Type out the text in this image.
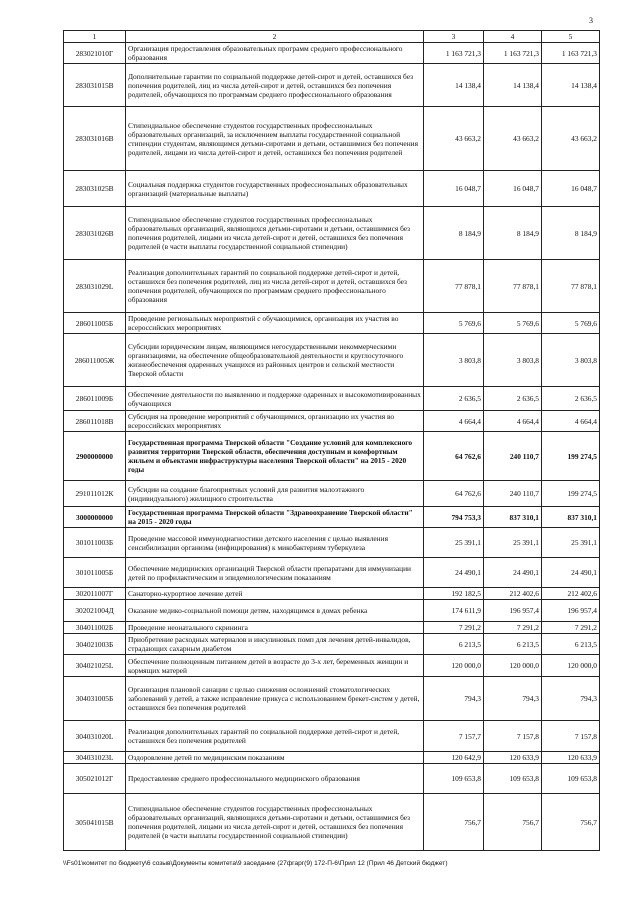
3
1	2	3	4	5
283021010Г	Организация предоставления образовательных программ среднего профессионального образования	1 163 721,3	1 163 721,3	1 163 721,3
283031015В	Дополнительные гарантии по социальной поддержке детей-сирот и детей, оставшихся без попечения родителей, лиц из числа детей-сирот и детей, оставшихся без попечения родителей, обучающихся по программам среднего профессионального образования	14 138,4	14 138,4	14 138,4
283031016В	Стипендиальное обеспечение студентов государственных профессиональных образовательных организаций, за исключением выплаты государственной социальной стипендии студентам, являющимся детьми-сиротами и детьми, оставшимися без попечения родителей, лицами из числа детей-сирот и детей, оставшихся без попечения родителей	43 663,2	43 663,2	43 663,2
283031025В	Социальная поддержка студентов государственных профессиональных образовательных организаций (материальные выплаты)	16 048,7	16 048,7	16 048,7
283031026В	Стипендиальное обеспечение студентов государственных профессиональных образовательных организаций, являющихся детьми-сиротами и детьми, оставшимися без попечения родителей, лицами из числа детей-сирот и детей, оставшихся без попечения родителей (в части выплаты государственной социальной стипендии)	8 184,9	8 184,9	8 184,9
283031029L	Реализация дополнительных гарантий по социальной поддержке детей-сирот и детей, оставшихся без попечения родителей, лиц из числа детей-сирот и детей, оставшихся без попечения родителей, обучающихся по программам среднего профессионального образования	77 878,1	77 878,1	77 878,1
286011005Б	Проведение региональных мероприятий с обучающимися, организация их участия во всероссийских мероприятиях	5 769,6	5 769,6	5 769,6
286011005Ж	Субсидии юридическим лицам, являющимся негосударственными некоммерческими организациями, на обеспечение общеобразовательной деятельности и круглосуточного жизнеобеспечения одаренных учащихся из районных центров и сельской местности Тверской области	3 803,8	3 803,8	3 803,8
286011009Б	Обеспечение деятельности по выявлению и поддержке одаренных и высокомотивированных обучающихся	2 636,5	2 636,5	2 636,5
286011018В	Субсидия на проведение мероприятий с обучающимися, организацию их участия во всероссийских мероприятиях	4 664,4	4 664,4	4 664,4
2900000000	Государственная программа Тверской области "Создание условий для комплексного развития территории Тверской области, обеспечения доступным и комфортным жильем и объектами инфраструктуры населения Тверской области" на 2015 - 2020 годы	64 762,6	240 110,7	199 274,5
291011012К	Субсидии на создание благоприятных условий для развития малоэтажного (индивидуального) жилищного строительства	64 762,6	240 110,7	199 274,5
3000000000	Государственная программа Тверской области "Здравоохранение Тверской области" на 2015 - 2020 годы	794 753,3	837 310,1	837 310,1
301011003Б	Проведение массовой иммунодиагностики детского населения с целью выявления сенсибилизации организма (инфицирования) к микобактериям туберкулеза	25 391,1	25 391,1	25 391,1
301011005Б	Обеспечение медицинских организаций Тверской области препаратами для иммунизации детей по профилактическим и эпидемиологическим показаниям	24 490,1	24 490,1	24 490,1
302011007Г	Санаторно-курортное лечение детей	192 182,5	212 402,6	212 402,6
302021004Д	Оказание медико-социальной помощи детям, находящимся в домах ребенка	174 611,9	196 957,4	196 957,4
304011002Б	Проведение неонатального скрининга	7 291,2	7 291,2	7 291,2
304021003Б	Приобретение расходных материалов и инсулиновых помп для лечения детей-инвалидов, страдающих сахарным диабетом	6 213,5	6 213,5	6 213,5
304021025L	Обеспечение полноценным питанием детей в возрасте до 3-х лет, беременных женщин и кормящих матерей	120 000,0	120 000,0	120 000,0
304031005Б	Организация плановой санации с целью снижения осложнений стоматологических заболеваний у детей, а также исправление прикуса с использованием брекет-систем у детей, оставшихся без попечения родителей	794,3	794,3	794,3
304031020L	Реализация дополнительных гарантий по социальной поддержке детей-сирот и детей, оставшихся без попечения родителей	7 157,7	7 157,8	7 157,8
304031023L	Оздоровление детей по медицинским показаниям	120 642,9	120 633,9	120 633,9
305021012Г	Предоставление среднего профессионального медицинского образования	109 653,8	109 653,8	109 653,8
305041015В	Стипендиальное обеспечение студентов государственных профессиональных образовательных организаций, являющихся детьми-сиротами и детьми, оставшимися без попечения родителей, лицами из числа детей-сирот и детей, оставшихся без попечения родителей (в части выплаты государственной социальной стипендии)	756,7	756,7	756,7
\\Fs01\комитет по бюджету\6 созыв\Документы комитета\9 заседание (27фгарг(9) 172-П-6\Прил 12 (Прил 46 Детский бюджет)
